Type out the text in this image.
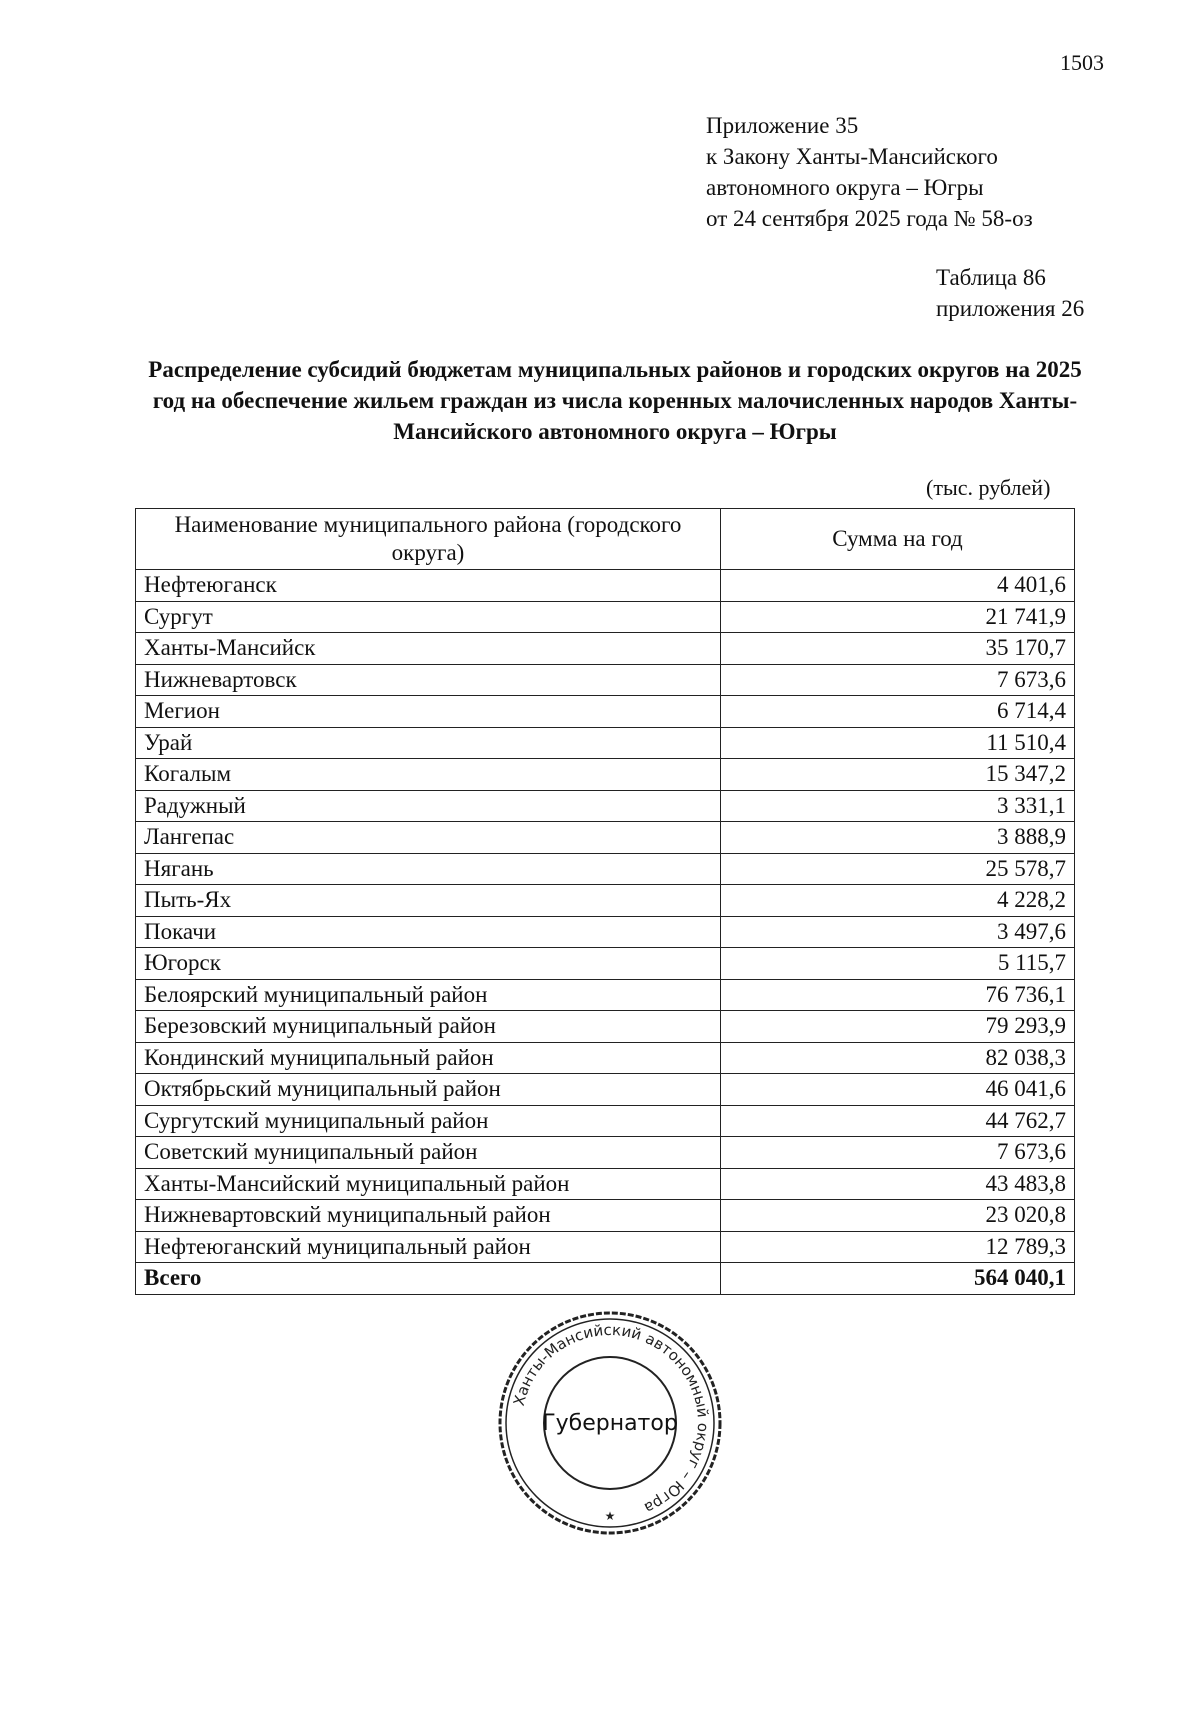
1503
Приложение 35
к Закону Ханты-Мансийского
автономного округа – Югры
от 24 сентября 2025 года № 58-оз
Таблица 86
приложения 26
Распределение субсидий бюджетам муниципальных районов и городских округов на 2025 год на обеспечение жильем граждан из числа коренных малочисленных народов Ханты-Мансийского автономного округа – Югры
(тыс. рублей)
Наименование муниципального района (городского округа)	Сумма на год
Нефтеюганск	4 401,6
Сургут	21 741,9
Ханты-Мансийск	35 170,7
Нижневартовск	7 673,6
Мегион	6 714,4
Урай	11 510,4
Когалым	15 347,2
Радужный	3 331,1
Лангепас	3 888,9
Нягань	25 578,7
Пыть-Ях	4 228,2
Покачи	3 497,6
Югорск	5 115,7
Белоярский муниципальный район	76 736,1
Березовский муниципальный район	79 293,9
Кондинский муниципальный район	82 038,3
Октябрьский муниципальный район	46 041,6
Сургутский муниципальный район	44 762,7
Советский муниципальный район	7 673,6
Ханты-Мансийский муниципальный район	43 483,8
Нижневартовский муниципальный район	23 020,8
Нефтеюганский муниципальный район	12 789,3
Всего	564 040,1
Ханты-Мансийский автономный округ – Югра
Губернатор
★
